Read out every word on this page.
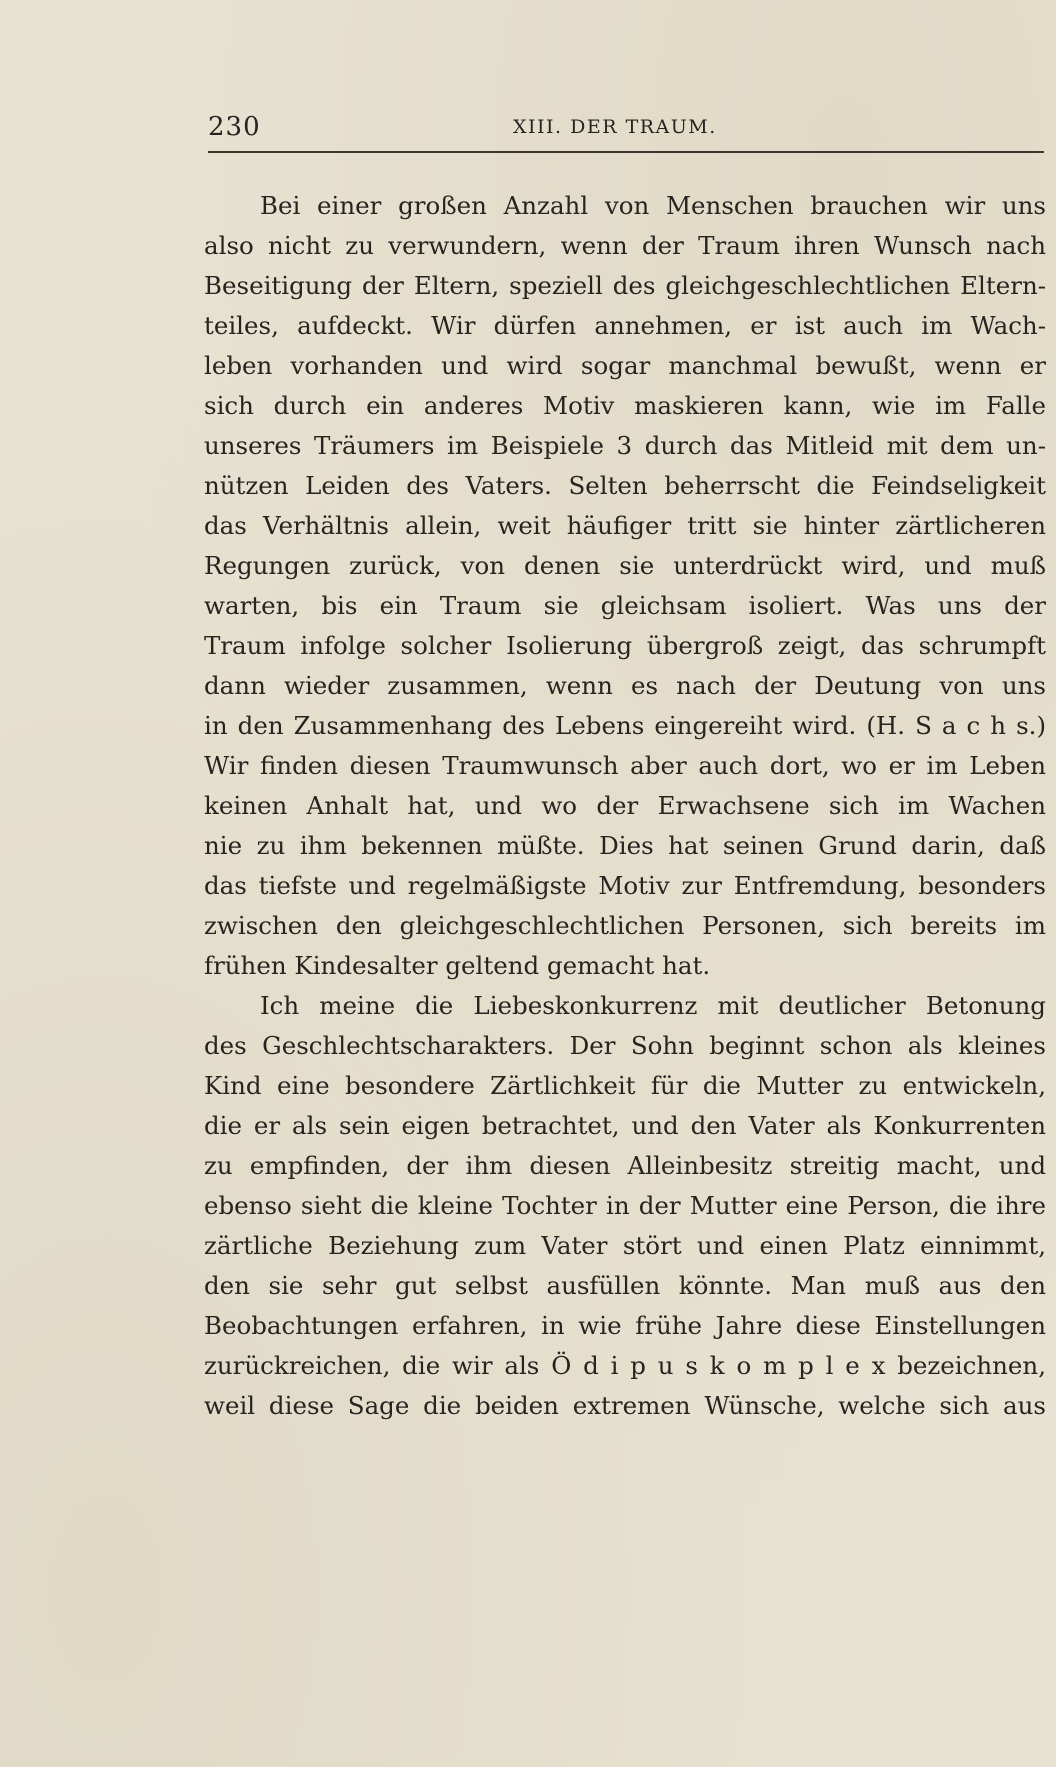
230	XIII. DER TRAUM.
Bei einer großen Anzahl von Menschen brauchen wir uns
also nicht zu verwundern, wenn der Traum ihren Wunsch nach
Beseitigung der Eltern, speziell des gleichgeschlechtlichen Eltern-
teiles, aufdeckt. Wir dürfen annehmen, er ist auch im Wach-
leben vorhanden und wird sogar manchmal bewußt, wenn er
sich durch ein anderes Motiv maskieren kann, wie im Falle
unseres Träumers im Beispiele 3 durch das Mitleid mit dem un-
nützen Leiden des Vaters. Selten beherrscht die Feindseligkeit
das Verhältnis allein, weit häufiger tritt sie hinter zärtlicheren
Regungen zurück, von denen sie unterdrückt wird, und muß
warten, bis ein Traum sie gleichsam isoliert. Was uns der
Traum infolge solcher Isolierung übergroß zeigt, das schrumpft
dann wieder zusammen, wenn es nach der Deutung von uns
in den Zusammenhang des Lebens eingereiht wird. (H. S a c h s.)
Wir finden diesen Traumwunsch aber auch dort, wo er im Leben
keinen Anhalt hat, und wo der Erwachsene sich im Wachen
nie zu ihm bekennen müßte. Dies hat seinen Grund darin, daß
das tiefste und regelmäßigste Motiv zur Entfremdung, besonders
zwischen den gleichgeschlechtlichen Personen, sich bereits im
frühen Kindesalter geltend gemacht hat.
Ich meine die Liebeskonkurrenz mit deutlicher Betonung
des Geschlechtscharakters. Der Sohn beginnt schon als kleines
Kind eine besondere Zärtlichkeit für die Mutter zu entwickeln,
die er als sein eigen betrachtet, und den Vater als Konkurrenten
zu empfinden, der ihm diesen Alleinbesitz streitig macht, und
ebenso sieht die kleine Tochter in der Mutter eine Person, die ihre
zärtliche Beziehung zum Vater stört und einen Platz einnimmt,
den sie sehr gut selbst ausfüllen könnte. Man muß aus den
Beobachtungen erfahren, in wie frühe Jahre diese Einstellungen
zurückreichen, die wir als Ö d i p u s k o m p l e x bezeichnen,
weil diese Sage die beiden extremen Wünsche, welche sich aus
